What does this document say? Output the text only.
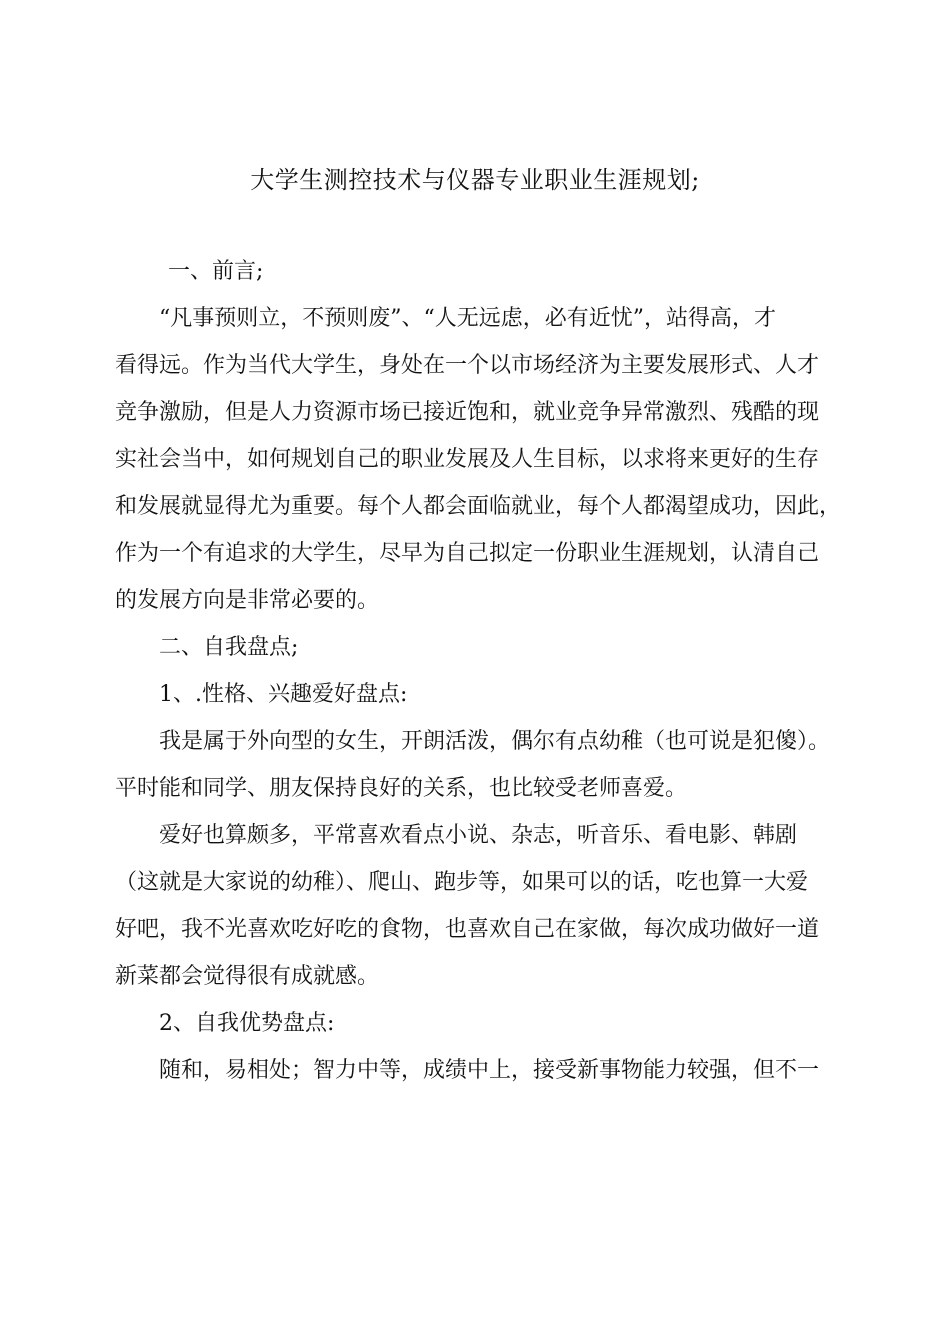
大学生测控技术与仪器专业职业生涯规划;
一、前言;
“凡事预则立，不预则废”、“人无远虑，必有近忧”，站得高，才
看得远。作为当代大学生，身处在一个以市场经济为主要发展形式、人才
竞争激励，但是人力资源市场已接近饱和，就业竞争异常激烈、残酷的现
实社会当中，如何规划自己的职业发展及人生目标，以求将来更好的生存
和发展就显得尤为重要。每个人都会面临就业，每个人都渴望成功，因此，
作为一个有追求的大学生，尽早为自己拟定一份职业生涯规划，认清自己
的发展方向是非常必要的。
二、自我盘点;
1、.性格、兴趣爱好盘点:
我是属于外向型的女生，开朗活泼，偶尔有点幼稚（也可说是犯傻）。
平时能和同学、朋友保持良好的关系，也比较受老师喜爱。
爱好也算颇多，平常喜欢看点小说、杂志，听音乐、看电影、韩剧
（这就是大家说的幼稚）、爬山、跑步等，如果可以的话，吃也算一大爱
好吧，我不光喜欢吃好吃的食物，也喜欢自己在家做，每次成功做好一道
新菜都会觉得很有成就感。
2、自我优势盘点:
随和，易相处；智力中等，成绩中上，接受新事物能力较强，但不一
